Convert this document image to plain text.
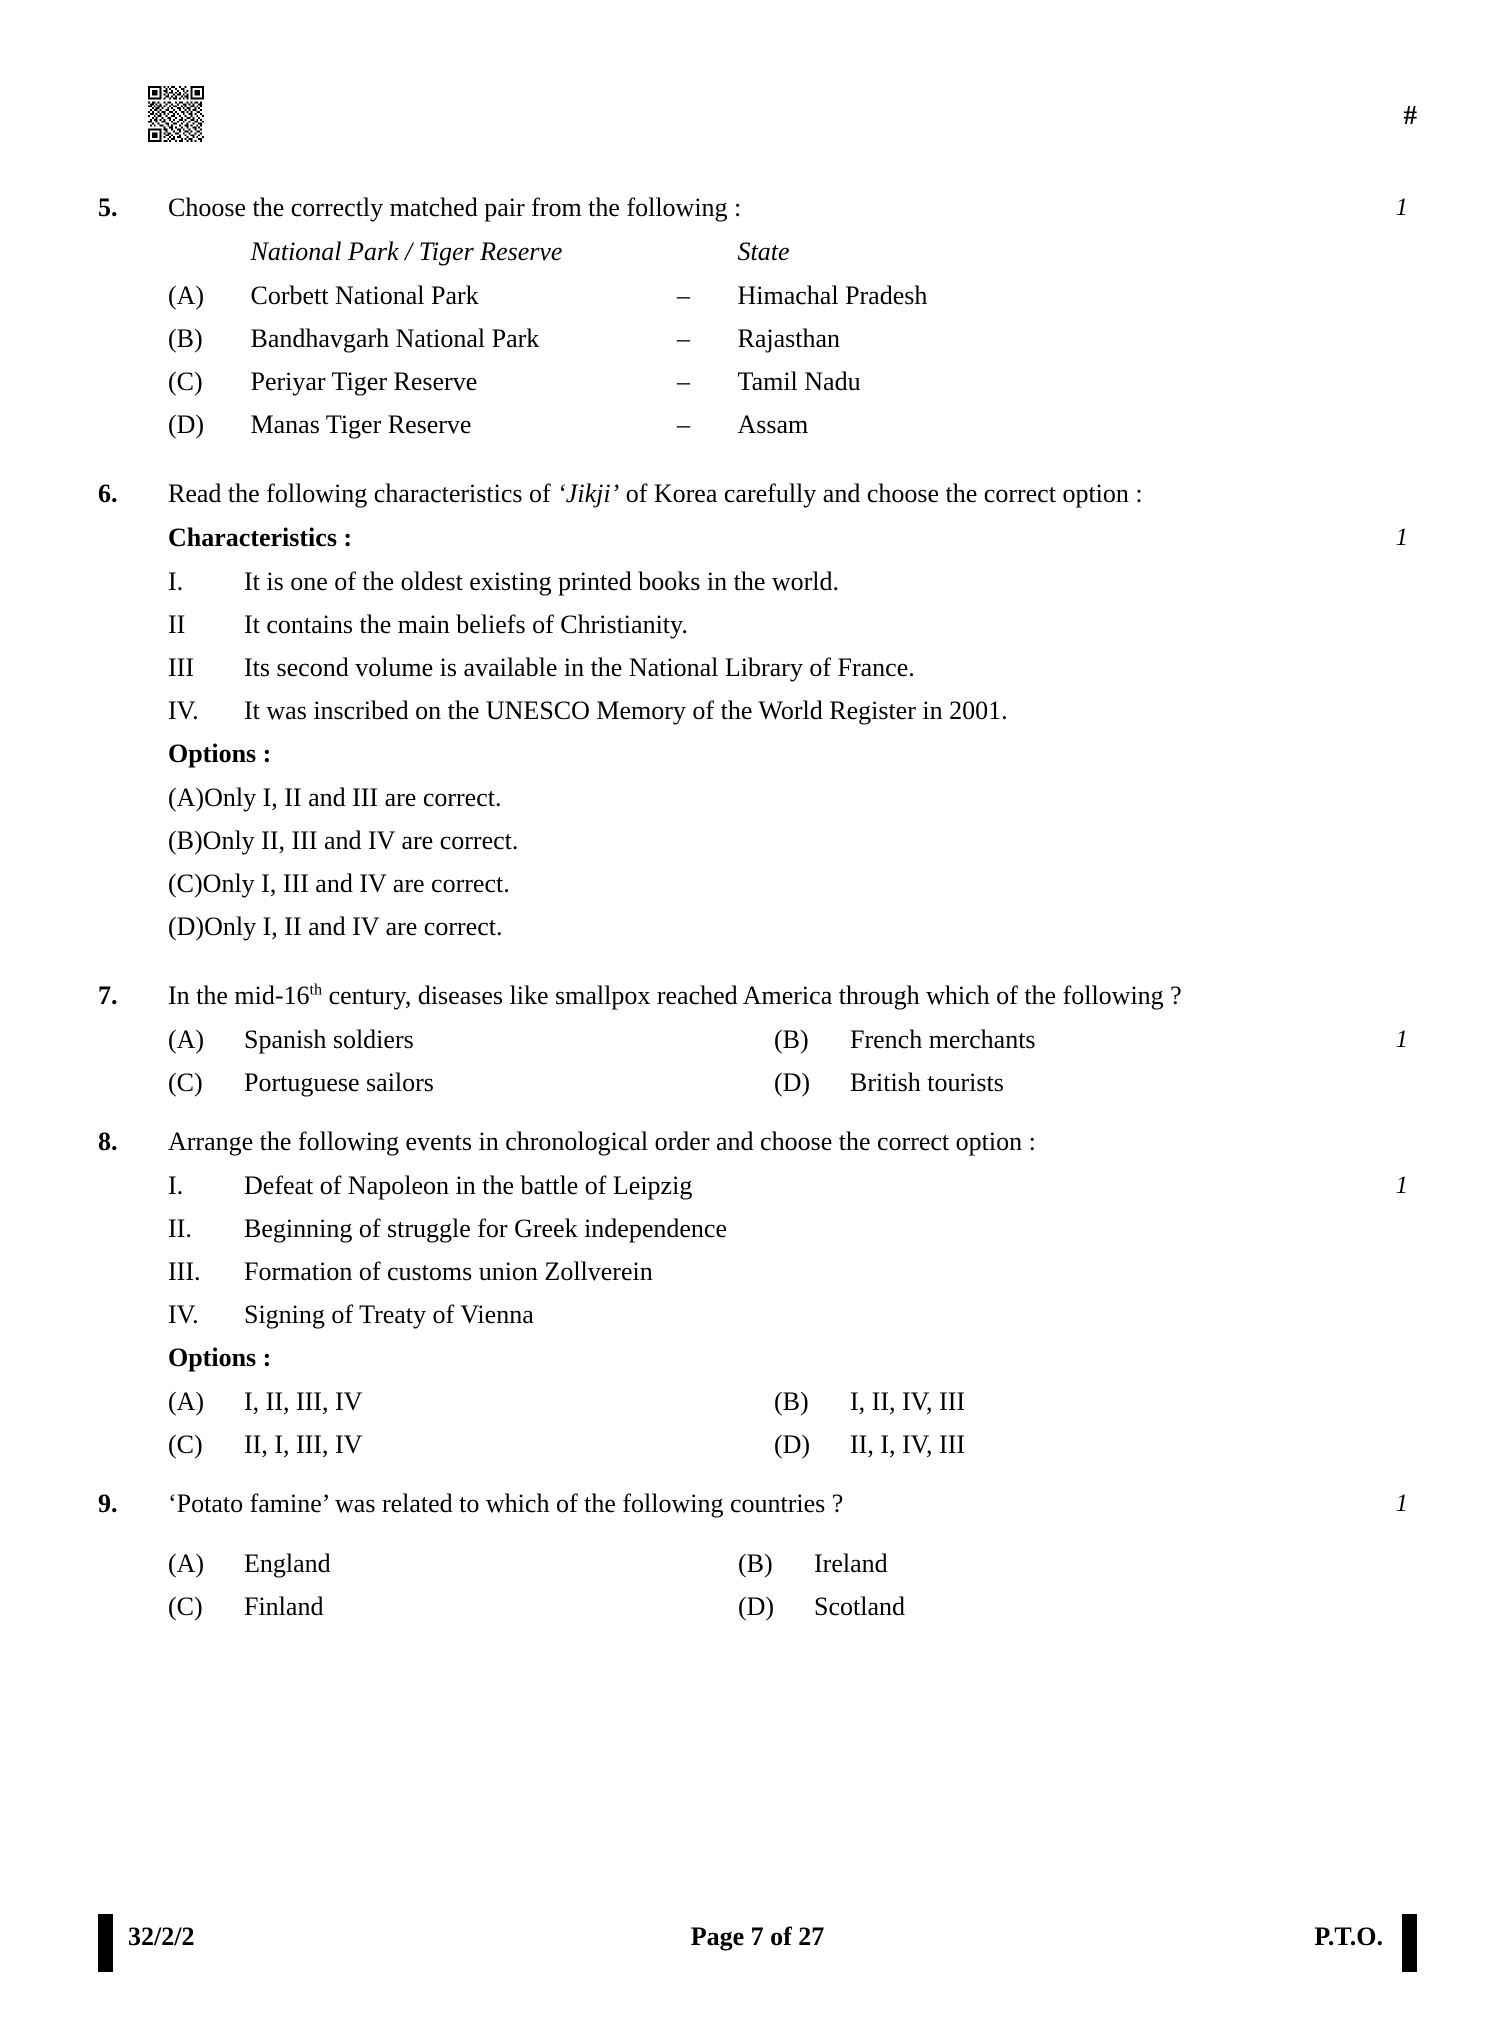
#
5.	1
Choose the correctly matched pair from the following :
National Park / Tiger Reserve	State
(A) Corbett National Park	– Himachal Pradesh
(B) Bandhavgarh National Park	– Rajasthan
(C) Periyar Tiger Reserve	– Tamil Nadu
(D) Manas Tiger Reserve	– Assam
6.
1
Read the following characteristics of ‘Jikji’ of Korea carefully and choose the correct option :
Characteristics :
I. It is one of the oldest existing printed books in the world.
II It contains the main beliefs of Christianity.
III Its second volume is available in the National Library of France.
IV. It was inscribed on the UNESCO Memory of the World Register in 2001.
Options :
(A)Only I, II and III are correct.
(B)Only II, III and IV are correct.
(C)Only I, III and IV are correct.
(D)Only I, II and IV are correct.
7.
1
In the mid-16th century, diseases like smallpox reached America through which of the following ?
(A) Spanish soldiers	(B) French merchants
(C) Portuguese sailors	(D) British tourists
8.
1
Arrange the following events in chronological order and choose the correct option :
I. Defeat of Napoleon in the battle of Leipzig
II. Beginning of struggle for Greek independence
III. Formation of customs union Zollverein
IV. Signing of Treaty of Vienna
Options :
(A) I, II, III, IV	(B) I, II, IV, III
(C) II, I, III, IV	(D) II, I, IV, III
9.	1
‘Potato famine’ was related to which of the following countries ?
(A) England	(B) Ireland
(C) Finland	(D) Scotland
32/2/2	Page 7 of 27	P.T.O.
